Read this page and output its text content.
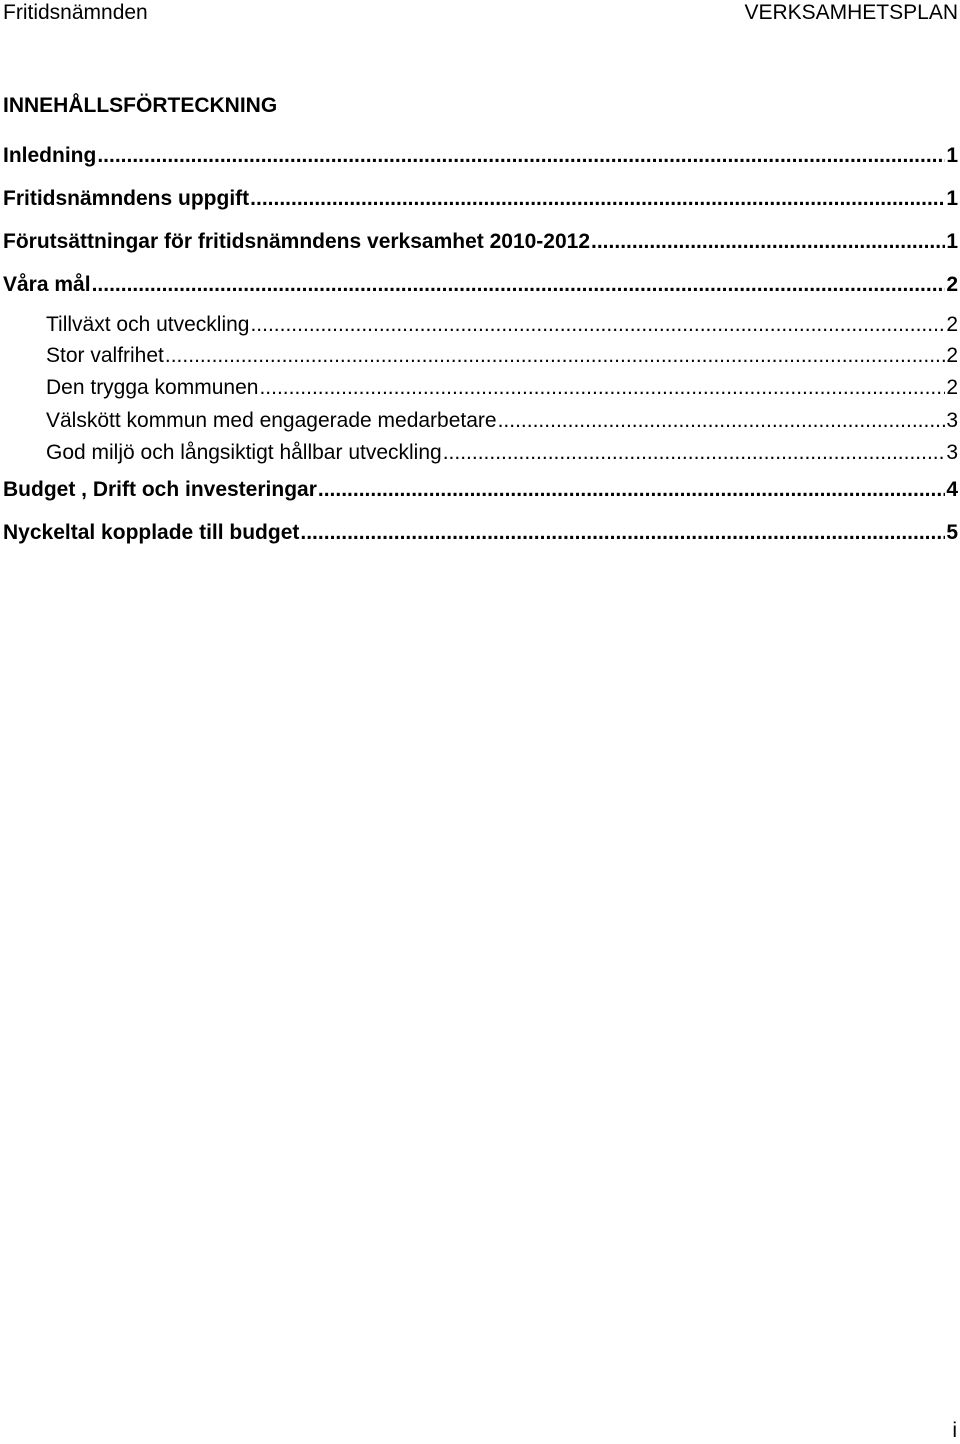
Fritidsnämnden	VERKSAMHETSPLAN
INNEHÅLLSFÖRTECKNING
Inledning .....	1
Fritidsnämndens uppgift .....	1
Förutsättningar för fritidsnämndens verksamhet 2010-2012 .....	1
Våra mål .....	2
Tillväxt och utveckling .....	2
Stor valfrihet .....	2
Den trygga kommunen .....	2
Välskött kommun med engagerade medarbetare .....	3
God miljö och långsiktigt hållbar utveckling .....	3
Budget , Drift och investeringar .....	4
Nyckeltal kopplade till budget .....	5
i
